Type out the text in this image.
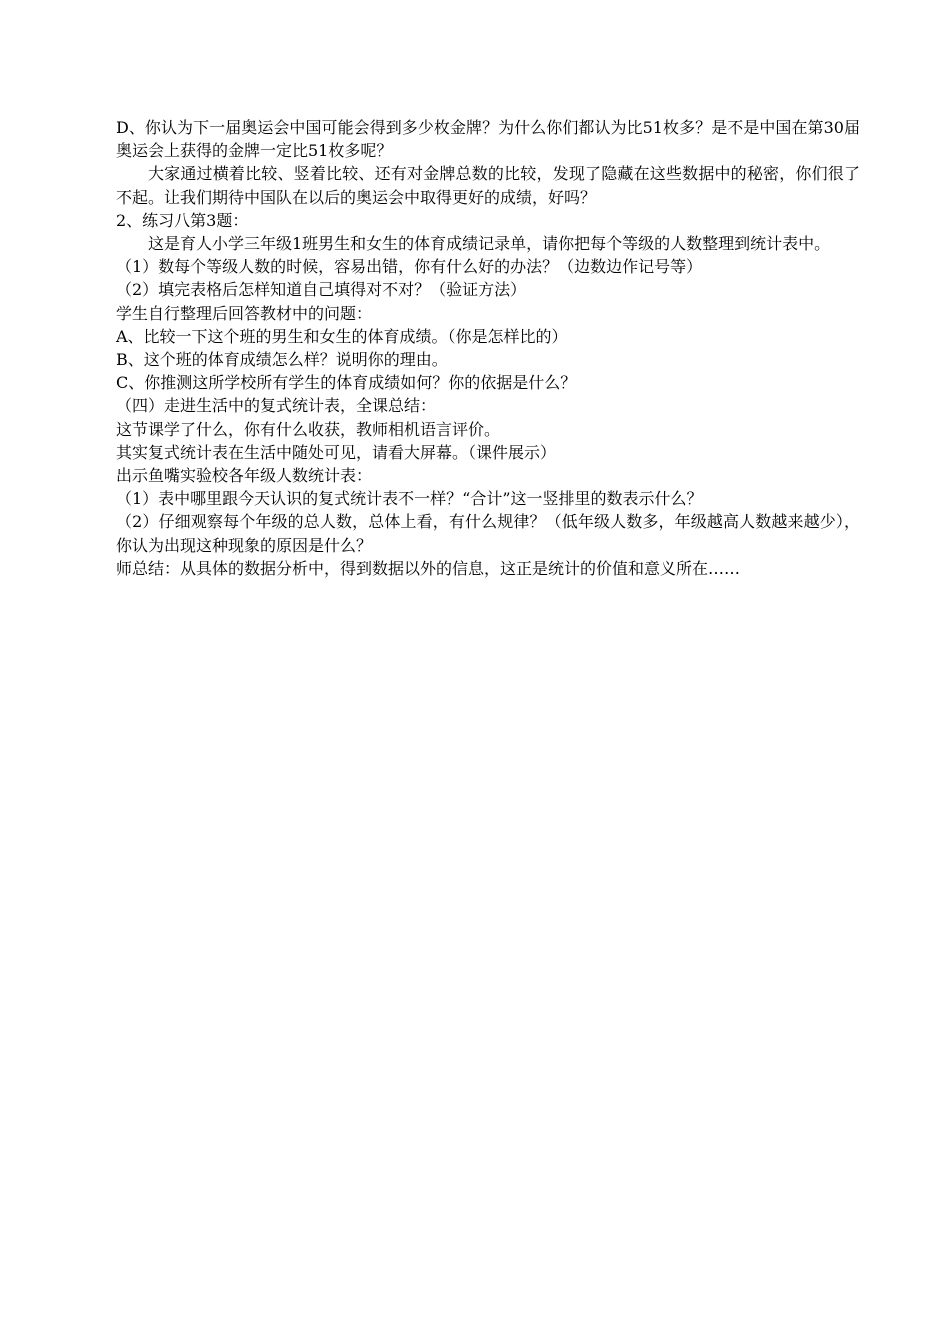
D、你认为下一届奥运会中国可能会得到多少枚金牌？为什么你们都认为比51枚多？是不是中国在第30届奥运会上获得的金牌一定比51枚多呢？

大家通过横着比较、竖着比较、还有对金牌总数的比较，发现了隐藏在这些数据中的秘密，你们很了不起。让我们期待中国队在以后的奥运会中取得更好的成绩，好吗？

2、练习八第3题：

这是育人小学三年级1班男生和女生的体育成绩记录单，请你把每个等级的人数整理到统计表中。

（1）数每个等级人数的时候，容易出错，你有什么好的办法？（边数边作记号等）

（2）填完表格后怎样知道自己填得对不对？（验证方法）

学生自行整理后回答教材中的问题：

A、比较一下这个班的男生和女生的体育成绩。（你是怎样比的）

B、这个班的体育成绩怎么样？说明你的理由。

C、你推测这所学校所有学生的体育成绩如何？你的依据是什么？

（四）走进生活中的复式统计表，全课总结：

这节课学了什么，你有什么收获，教师相机语言评价。

其实复式统计表在生活中随处可见，请看大屏幕。（课件展示）

出示鱼嘴实验校各年级人数统计表：

（1）表中哪里跟今天认识的复式统计表不一样？“合计”这一竖排里的数表示什么？

（2）仔细观察每个年级的总人数，总体上看，有什么规律？（低年级人数多，年级越高人数越来越少），你认为出现这种现象的原因是什么？

师总结：从具体的数据分析中，得到数据以外的信息，这正是统计的价值和意义所在……
